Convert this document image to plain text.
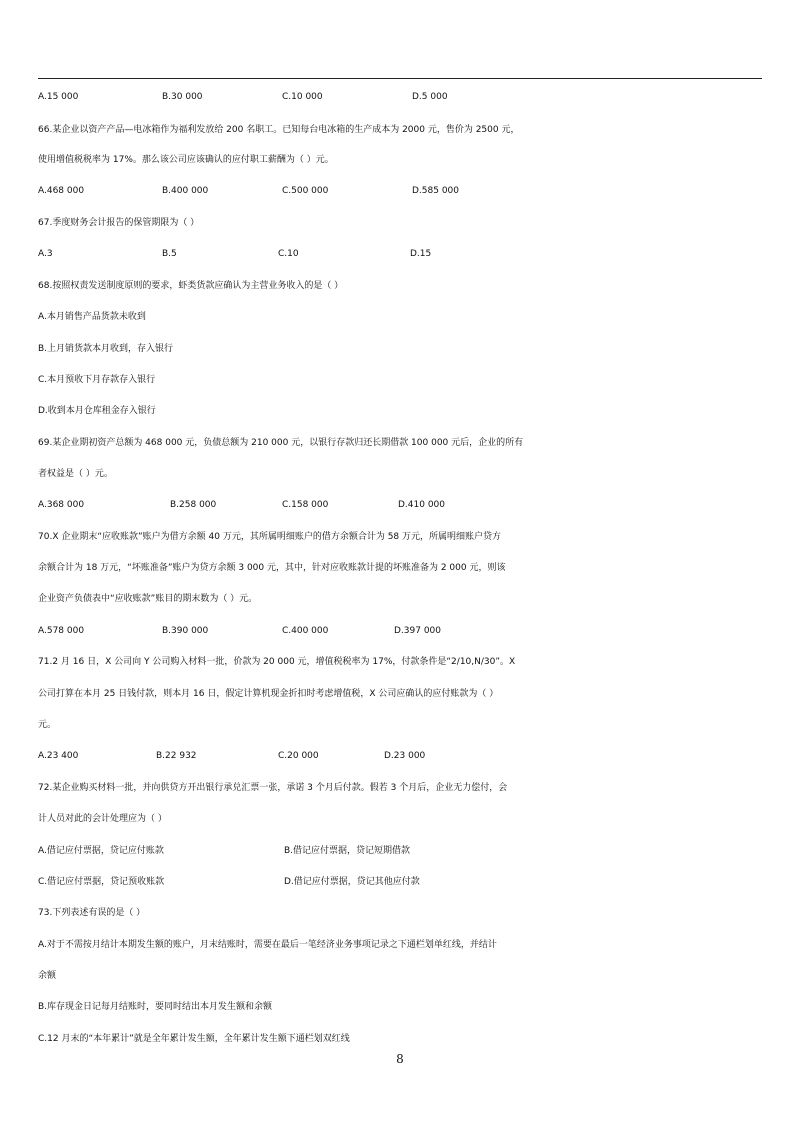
A.15 000	B.30 000	C.10 000	D.5 000
66.某企业以资产产品—电冰箱作为福利发放给 200 名职工。已知每台电冰箱的生产成本为 2000 元，售价为 2500 元，
使用增值税税率为 17%。那么该公司应该确认的应付职工薪酬为（ ）元。
A.468 000	B.400 000	C.500 000	D.585 000
67.季度财务会计报告的保管期限为（ ）
A.3	B.5	C.10	D.15
68.按照权责发送制度原则的要求，虾类货款应确认为主营业务收入的是（ ）
A.本月销售产品货款未收到
B.上月销货款本月收到，存入银行
C.本月预收下月存款存入银行
D.收到本月仓库租金存入银行
69.某企业期初资产总额为 468 000 元，负债总额为 210 000 元，以银行存款归还长期借款 100 000 元后，企业的所有
者权益是（ ）元。
A.368 000	B.258 000	C.158 000	D.410 000
70.X 企业期末“应收账款”账户为借方余额 40 万元，其所属明细账户的借方余额合计为 58 万元，所属明细账户贷方
余额合计为 18 万元，“坏账准备”账户为贷方余额 3 000 元，其中，针对应收账款计提的坏账准备为 2 000 元，则该
企业资产负债表中“应收账款”账目的期末数为（ ）元。
A.578 000	B.390 000	C.400 000	D.397 000
71.2 月 16 日，X 公司向 Y 公司购入材料一批，价款为 20 000 元，增值税税率为 17%，付款条件是“2/10,N/30”。X
公司打算在本月 25 日钱付款，则本月 16 日，假定计算机现金折扣时考虑增值税，X 公司应确认的应付账款为（ ）
元。
A.23 400	B.22 932	C.20 000	D.23 000
72.某企业购买材料一批，并向供贷方开出银行承兑汇票一张，承诺 3 个月后付款。假若 3 个月后，企业无力偿付，会
计人员对此的会计处理应为（ ）
A.借记应付票据，贷记应付账款	B.借记应付票据，贷记短期借款
C.借记应付票据，贷记预收账款	D.借记应付票据，贷记其他应付款
73.下列表述有误的是（ ）
A.对于不需按月结计本期发生额的账户，月末结账时，需要在最后一笔经济业务事项记录之下通栏划单红线，并结计
余额
B.库存现金日记每月结账时，要同时结出本月发生额和余额
C.12 月末的“本年累计”就是全年累计发生额，全年累计发生额下通栏划双红线
8
